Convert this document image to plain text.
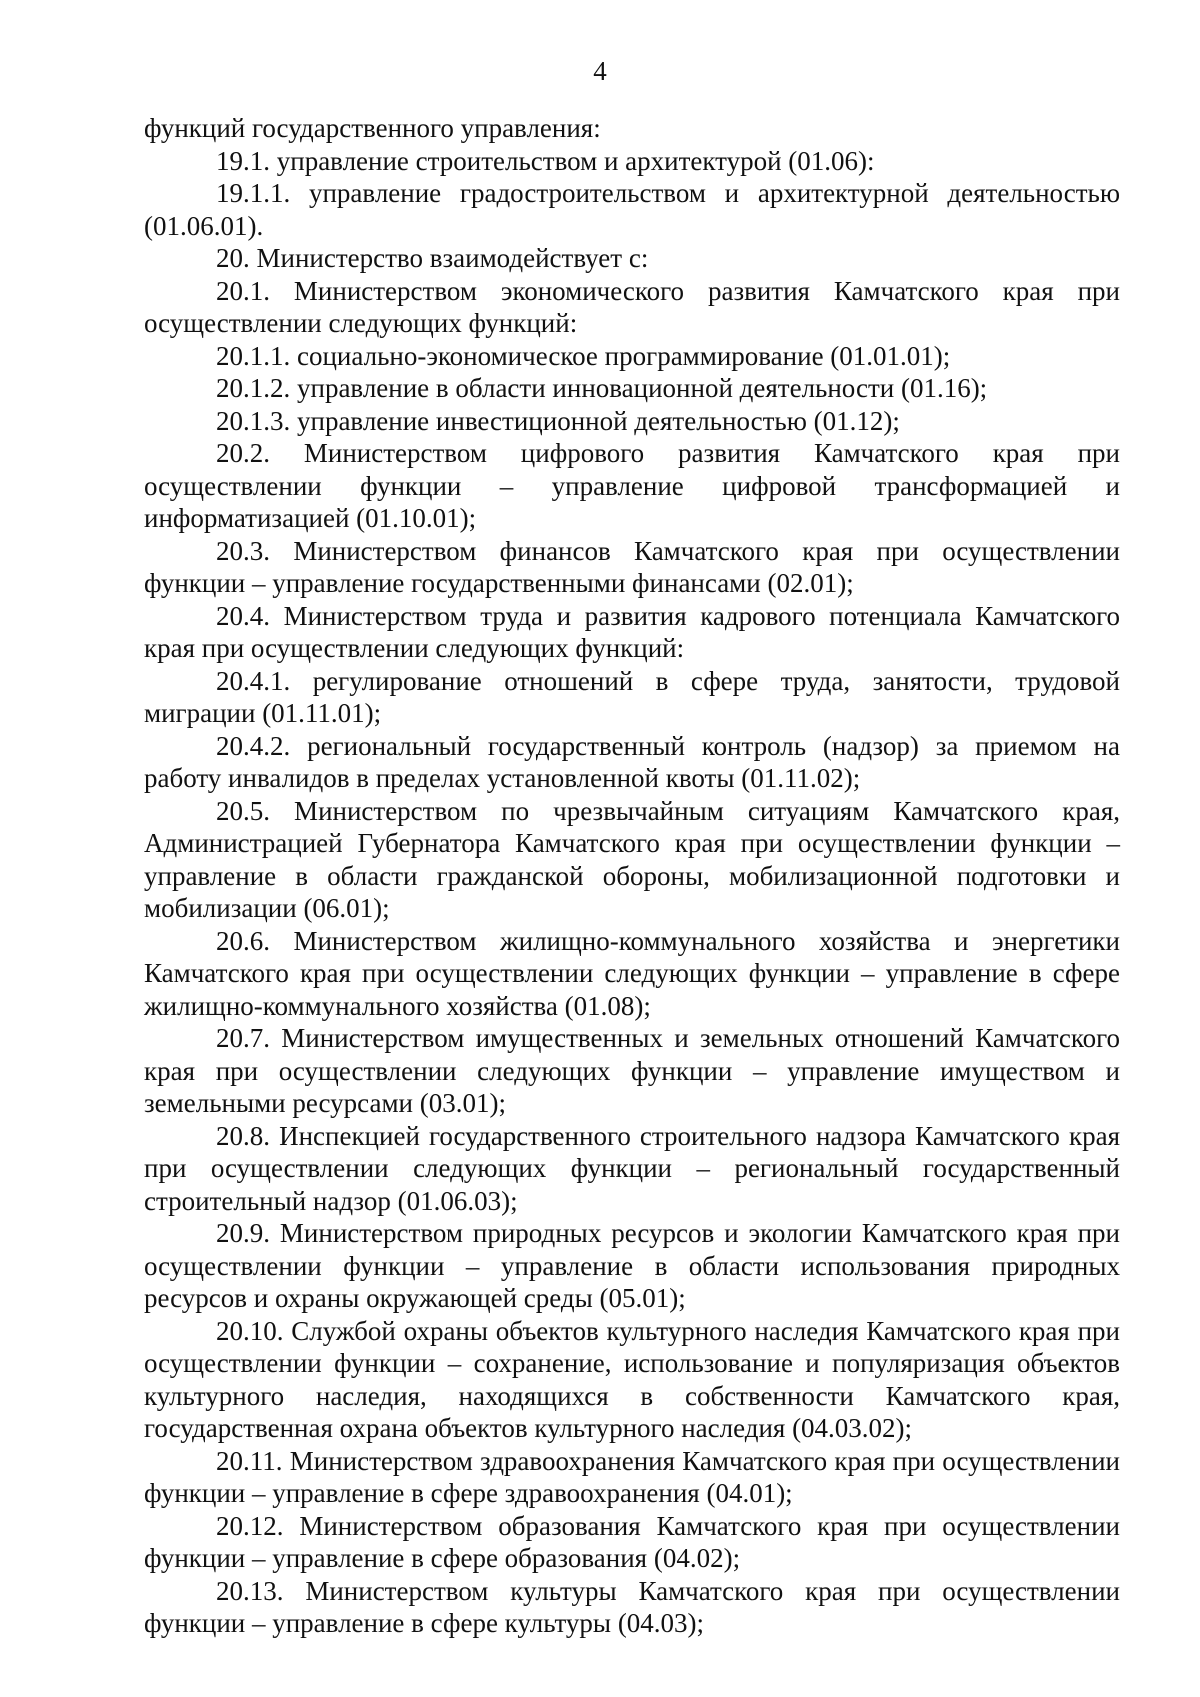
4

функций государственного управления:

19.1. управление строительством и архитектурой (01.06):

19.1.1. управление градостроительством и архитектурной деятельностью (01.06.01).

20. Министерство взаимодействует с:

20.1. Министерством экономического развития Камчатского края при осуществлении следующих функций:

20.1.1. социально-экономическое программирование (01.01.01);

20.1.2. управление в области инновационной деятельности (01.16);

20.1.3. управление инвестиционной деятельностью (01.12);

20.2. Министерством цифрового развития Камчатского края при осуществлении функции – управление цифровой трансформацией и информатизацией (01.10.01);

20.3. Министерством финансов Камчатского края при осуществлении функции – управление государственными финансами (02.01);

20.4. Министерством труда и развития кадрового потенциала Камчатского края при осуществлении следующих функций:

20.4.1. регулирование отношений в сфере труда, занятости, трудовой миграции (01.11.01);

20.4.2. региональный государственный контроль (надзор) за приемом на работу инвалидов в пределах установленной квоты (01.11.02);

20.5. Министерством по чрезвычайным ситуациям Камчатского края, Администрацией Губернатора Камчатского края при осуществлении функции – управление в области гражданской обороны, мобилизационной подготовки и мобилизации (06.01);

20.6. Министерством жилищно-коммунального хозяйства и энергетики Камчатского края при осуществлении следующих функции – управление в сфере жилищно-коммунального хозяйства (01.08);

20.7. Министерством имущественных и земельных отношений Камчатского края при осуществлении следующих функции – управление имуществом и земельными ресурсами (03.01);

20.8. Инспекцией государственного строительного надзора Камчатского края при осуществлении следующих функции – региональный государственный строительный надзор (01.06.03);

20.9. Министерством природных ресурсов и экологии Камчатского края при осуществлении функции – управление в области использования природных ресурсов и охраны окружающей среды (05.01);

20.10. Службой охраны объектов культурного наследия Камчатского края при осуществлении функции – сохранение, использование и популяризация объектов культурного наследия, находящихся в собственности Камчатского края, государственная охрана объектов культурного наследия (04.03.02);

20.11. Министерством здравоохранения Камчатского края при осуществлении функции – управление в сфере здравоохранения (04.01);

20.12. Министерством образования Камчатского края при осуществлении функции – управление в сфере образования (04.02);

20.13. Министерством культуры Камчатского края при осуществлении функции – управление в сфере культуры (04.03);
